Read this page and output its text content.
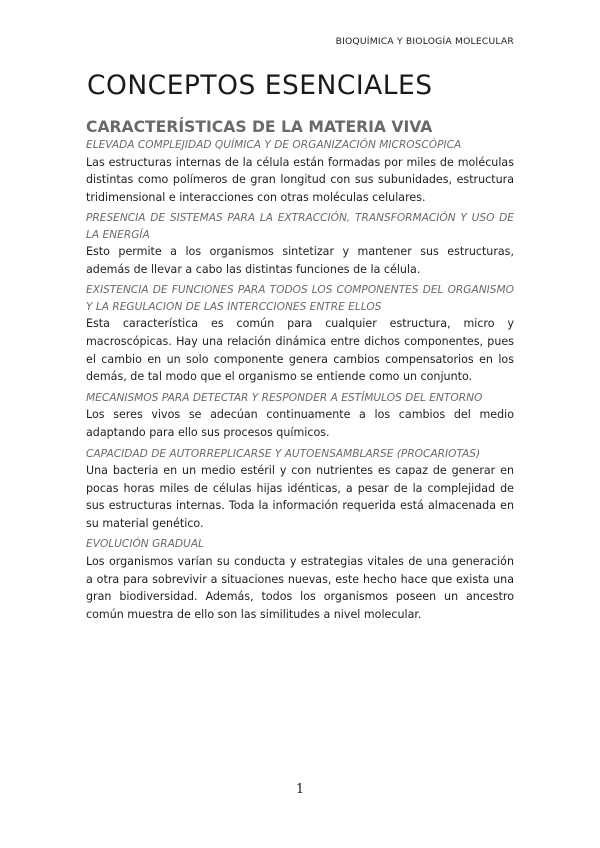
BIOQUÍMICA Y BIOLOGÍA MOLECULAR
CONCEPTOS ESENCIALES
CARACTERÍSTICAS DE LA MATERIA VIVA

ELEVADA COMPLEJIDAD QUÍMICA Y DE ORGANIZACIÓN MICROSCÓPICA

Las estructuras internas de la célula están formadas por miles de moléculas distintas como polímeros de gran longitud con sus subunidades, estructura tridimensional e interacciones con otras moléculas celulares.

PRESENCIA DE SISTEMAS PARA LA EXTRACCIÓN, TRANSFORMACIÓN Y USO DE LA ENERGÍA

Esto permite a los organismos sintetizar y mantener sus estructuras, además de llevar a cabo las distintas funciones de la célula.

EXISTENCIA DE FUNCIONES PARA TODOS LOS COMPONENTES DEL ORGANISMO Y LA REGULACION DE LAS INTERCCIONES ENTRE ELLOS

Esta característica es común para cualquier estructura, micro y macroscópicas. Hay una relación dinámica entre dichos componentes, pues el cambio en un solo componente genera cambios compensatorios en los demás, de tal modo que el organismo se entiende como un conjunto.

MECANISMOS PARA DETECTAR Y RESPONDER A ESTÍMULOS DEL ENTORNO

Los seres vivos se adecúan continuamente a los cambios del medio adaptando para ello sus procesos químicos.

CAPACIDAD DE AUTORREPLICARSE Y AUTOENSAMBLARSE (PROCARIOTAS)

Una bacteria en un medio estéril y con nutrientes es capaz de generar en pocas horas miles de células hijas idénticas, a pesar de la complejidad de sus estructuras internas. Toda la información requerida está almacenada en su material genético.

EVOLUCIÓN GRADUAL

Los organismos varían su conducta y estrategias vitales de una generación a otra para sobrevivir a situaciones nuevas, este hecho hace que exista una gran biodiversidad. Además, todos los organismos poseen un ancestro común muestra de ello son las similitudes a nivel molecular.

1
